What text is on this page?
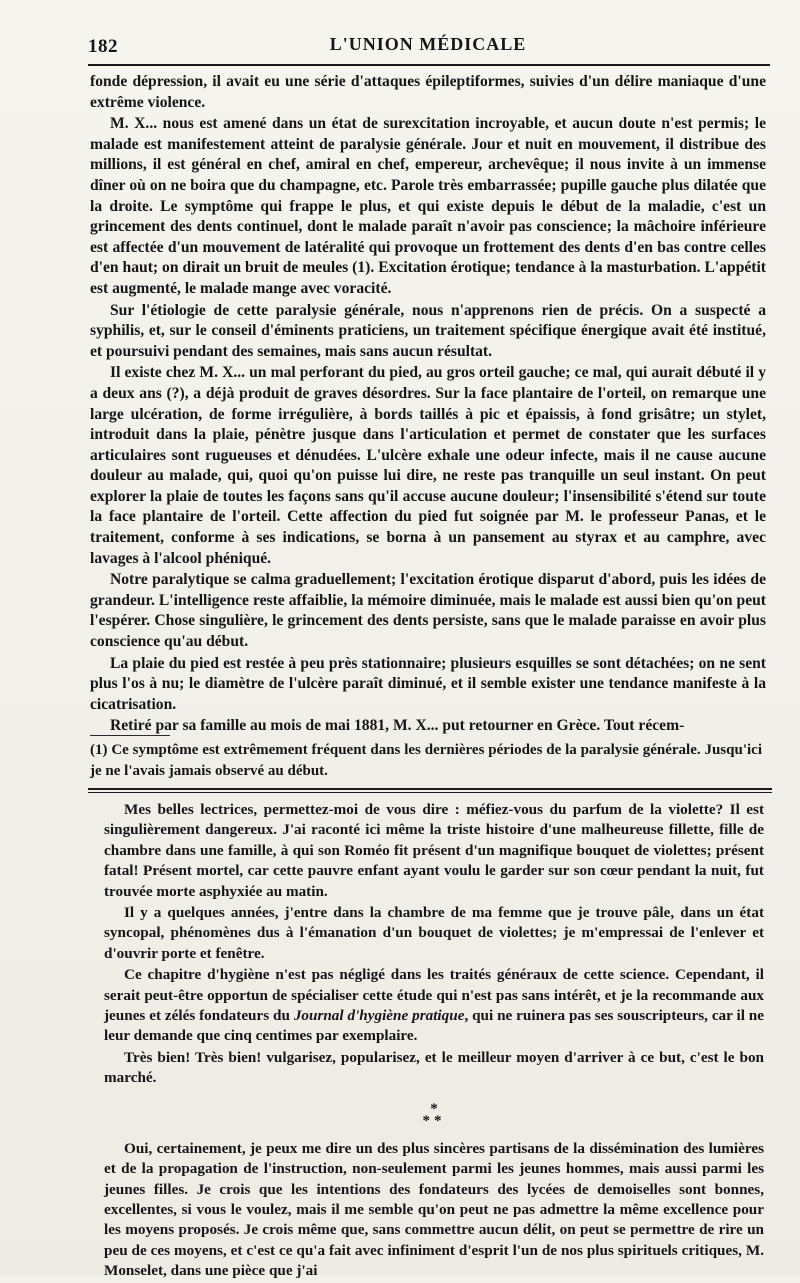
182	L'UNION MÉDICALE

fonde dépression, il avait eu une série d'attaques épileptiformes, suivies d'un délire maniaque d'une extrême violence.

M. X... nous est amené dans un état de surexcitation incroyable, et aucun doute n'est permis; le malade est manifestement atteint de paralysie générale. Jour et nuit en mouvement, il distribue des millions, il est général en chef, amiral en chef, empereur, archevêque; il nous invite à un immense dîner où on ne boira que du champagne, etc. Parole très embarrassée; pupille gauche plus dilatée que la droite. Le symptôme qui frappe le plus, et qui existe depuis le début de la maladie, c'est un grincement des dents continuel, dont le malade paraît n'avoir pas conscience; la mâchoire inférieure est affectée d'un mouvement de latéralité qui provoque un frottement des dents d'en bas contre celles d'en haut; on dirait un bruit de meules (1). Excitation érotique; tendance à la masturbation. L'appétit est augmenté, le malade mange avec voracité.

Sur l'étiologie de cette paralysie générale, nous n'apprenons rien de précis. On a suspecté a syphilis, et, sur le conseil d'éminents praticiens, un traitement spécifique énergique avait été institué, et poursuivi pendant des semaines, mais sans aucun résultat.

Il existe chez M. X... un mal perforant du pied, au gros orteil gauche; ce mal, qui aurait débuté il y a deux ans (?), a déjà produit de graves désordres. Sur la face plantaire de l'orteil, on remarque une large ulcération, de forme irrégulière, à bords taillés à pic et épaissis, à fond grisâtre; un stylet, introduit dans la plaie, pénètre jusque dans l'articulation et permet de constater que les surfaces articulaires sont rugueuses et dénudées. L'ulcère exhale une odeur infecte, mais il ne cause aucune douleur au malade, qui, quoi qu'on puisse lui dire, ne reste pas tranquille un seul instant. On peut explorer la plaie de toutes les façons sans qu'il accuse aucune douleur; l'insensibilité s'étend sur toute la face plantaire de l'orteil. Cette affection du pied fut soignée par M. le professeur Panas, et le traitement, conforme à ses indications, se borna à un pansement au styrax et au camphre, avec lavages à l'alcool phéniqué.

Notre paralytique se calma graduellement; l'excitation érotique disparut d'abord, puis les idées de grandeur. L'intelligence reste affaiblie, la mémoire diminuée, mais le malade est aussi bien qu'on peut l'espérer. Chose singulière, le grincement des dents persiste, sans que le malade paraisse en avoir plus conscience qu'au début.

La plaie du pied est restée à peu près stationnaire; plusieurs esquilles se sont détachées; on ne sent plus l'os à nu; le diamètre de l'ulcère paraît diminué, et il semble exister une tendance manifeste à la cicatrisation.

Retiré par sa famille au mois de mai 1881, M. X... put retourner en Grèce. Tout récem-

(1) Ce symptôme est extrêmement fréquent dans les dernières périodes de la paralysie générale. Jusqu'ici je ne l'avais jamais observé au début.

Mes belles lectrices, permettez-moi de vous dire : méfiez-vous du parfum de la violette? Il est singulièrement dangereux. J'ai raconté ici même la triste histoire d'une malheureuse fillette, fille de chambre dans une famille, à qui son Roméo fit présent d'un magnifique bouquet de violettes; présent fatal! Présent mortel, car cette pauvre enfant ayant voulu le garder sur son cœur pendant la nuit, fut trouvée morte asphyxiée au matin.

Il y a quelques années, j'entre dans la chambre de ma femme que je trouve pâle, dans un état syncopal, phénomènes dus à l'émanation d'un bouquet de violettes; je m'empressai de l'enlever et d'ouvrir porte et fenêtre.

Ce chapitre d'hygiène n'est pas négligé dans les traités généraux de cette science. Cependant, il serait peut-être opportun de spécialiser cette étude qui n'est pas sans intérêt, et je la recommande aux jeunes et zélés fondateurs du Journal d'hygiène pratique, qui ne ruinera pas ses souscripteurs, car il ne leur demande que cinq centimes par exemplaire.

Très bien! Très bien! vulgarisez, popularisez, et le meilleur moyen d'arriver à ce but, c'est le bon marché.

*
**

Oui, certainement, je peux me dire un des plus sincères partisans de la dissémination des lumières et de la propagation de l'instruction, non-seulement parmi les jeunes hommes, mais aussi parmi les jeunes filles. Je crois que les intentions des fondateurs des lycées de demoiselles sont bonnes, excellentes, si vous le voulez, mais il me semble qu'on peut ne pas admettre la même excellence pour les moyens proposés. Je crois même que, sans commettre aucun délit, on peut se permettre de rire un peu de ces moyens, et c'est ce qu'a fait avec infiniment d'esprit l'un de nos plus spirituels critiques, M. Monselet, dans une pièce que j'ai
